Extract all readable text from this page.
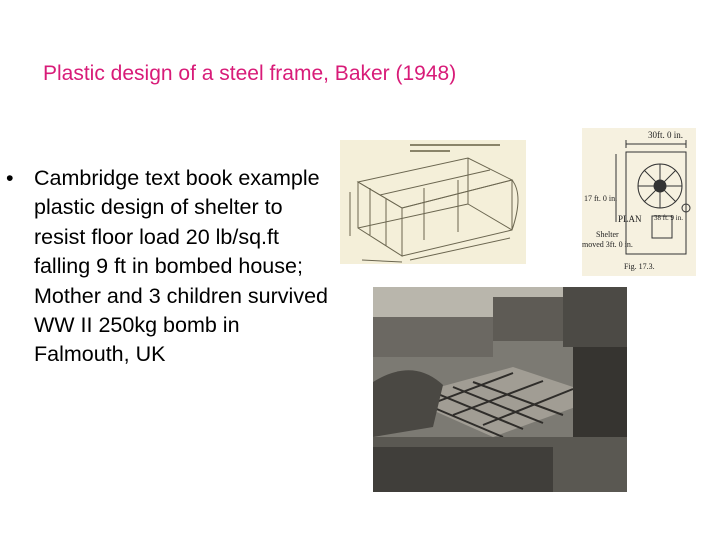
Plastic design of a steel frame, Baker (1948)
• Cambridge text book example plastic design of shelter to resist floor load 20 lb/sq.ft falling 9 ft in bombed house; Mother and 3 children survived WW II 250kg bomb in Falmouth, UK
30ft. 0 in.
17 ft. 0 in.
PLAN 38 ft. 9 in.
Shelter
moved 3ft. 0 in.
Fig. 17.3.
